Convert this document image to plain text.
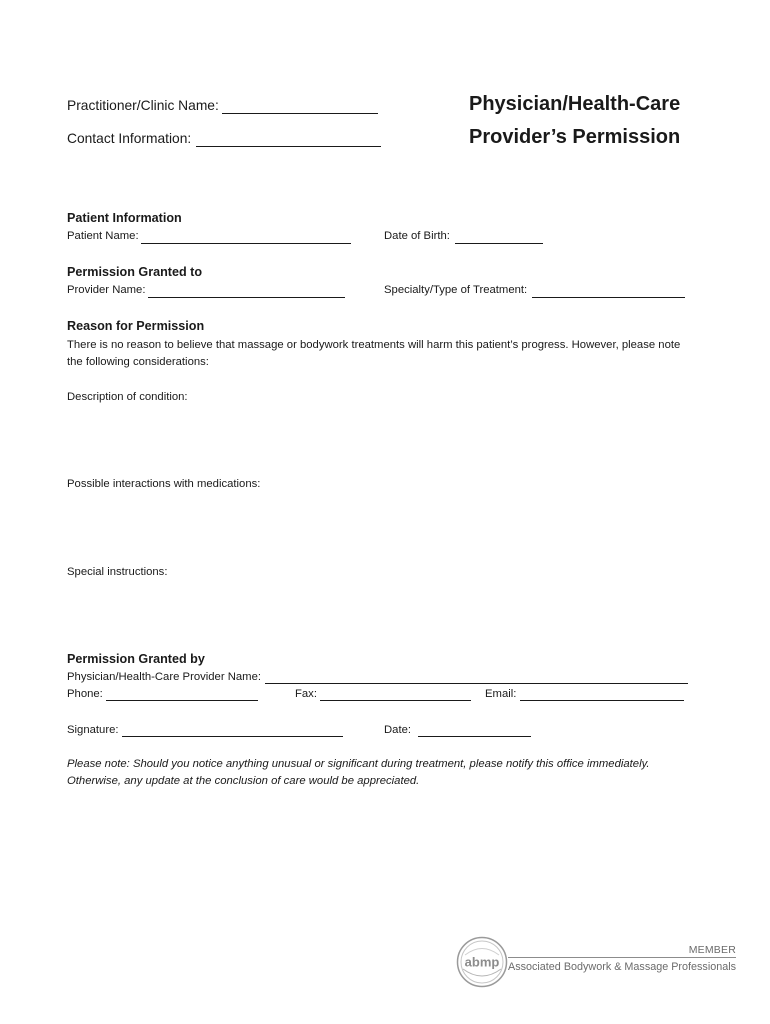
Practitioner/Clinic Name:
Contact Information:
Physician/Health-Care
Provider’s Permission
Patient Information
Patient Name:	Date of Birth:
Permission Granted to
Provider Name:	Specialty/Type of Treatment:
Reason for Permission
There is no reason to believe that massage or bodywork treatments will harm this patient’s progress. However, please note
the following considerations:
Description of condition:
Possible interactions with medications:
Special instructions:
Permission Granted by
Physician/Health-Care Provider Name:
Phone:	Fax:	Email:
Signature:	Date:
Please note: Should you notice anything unusual or significant during treatment, please notify this office immediately.
Otherwise, any update at the conclusion of care would be appreciated.
abmp
MEMBER
Associated Bodywork & Massage Professionals
